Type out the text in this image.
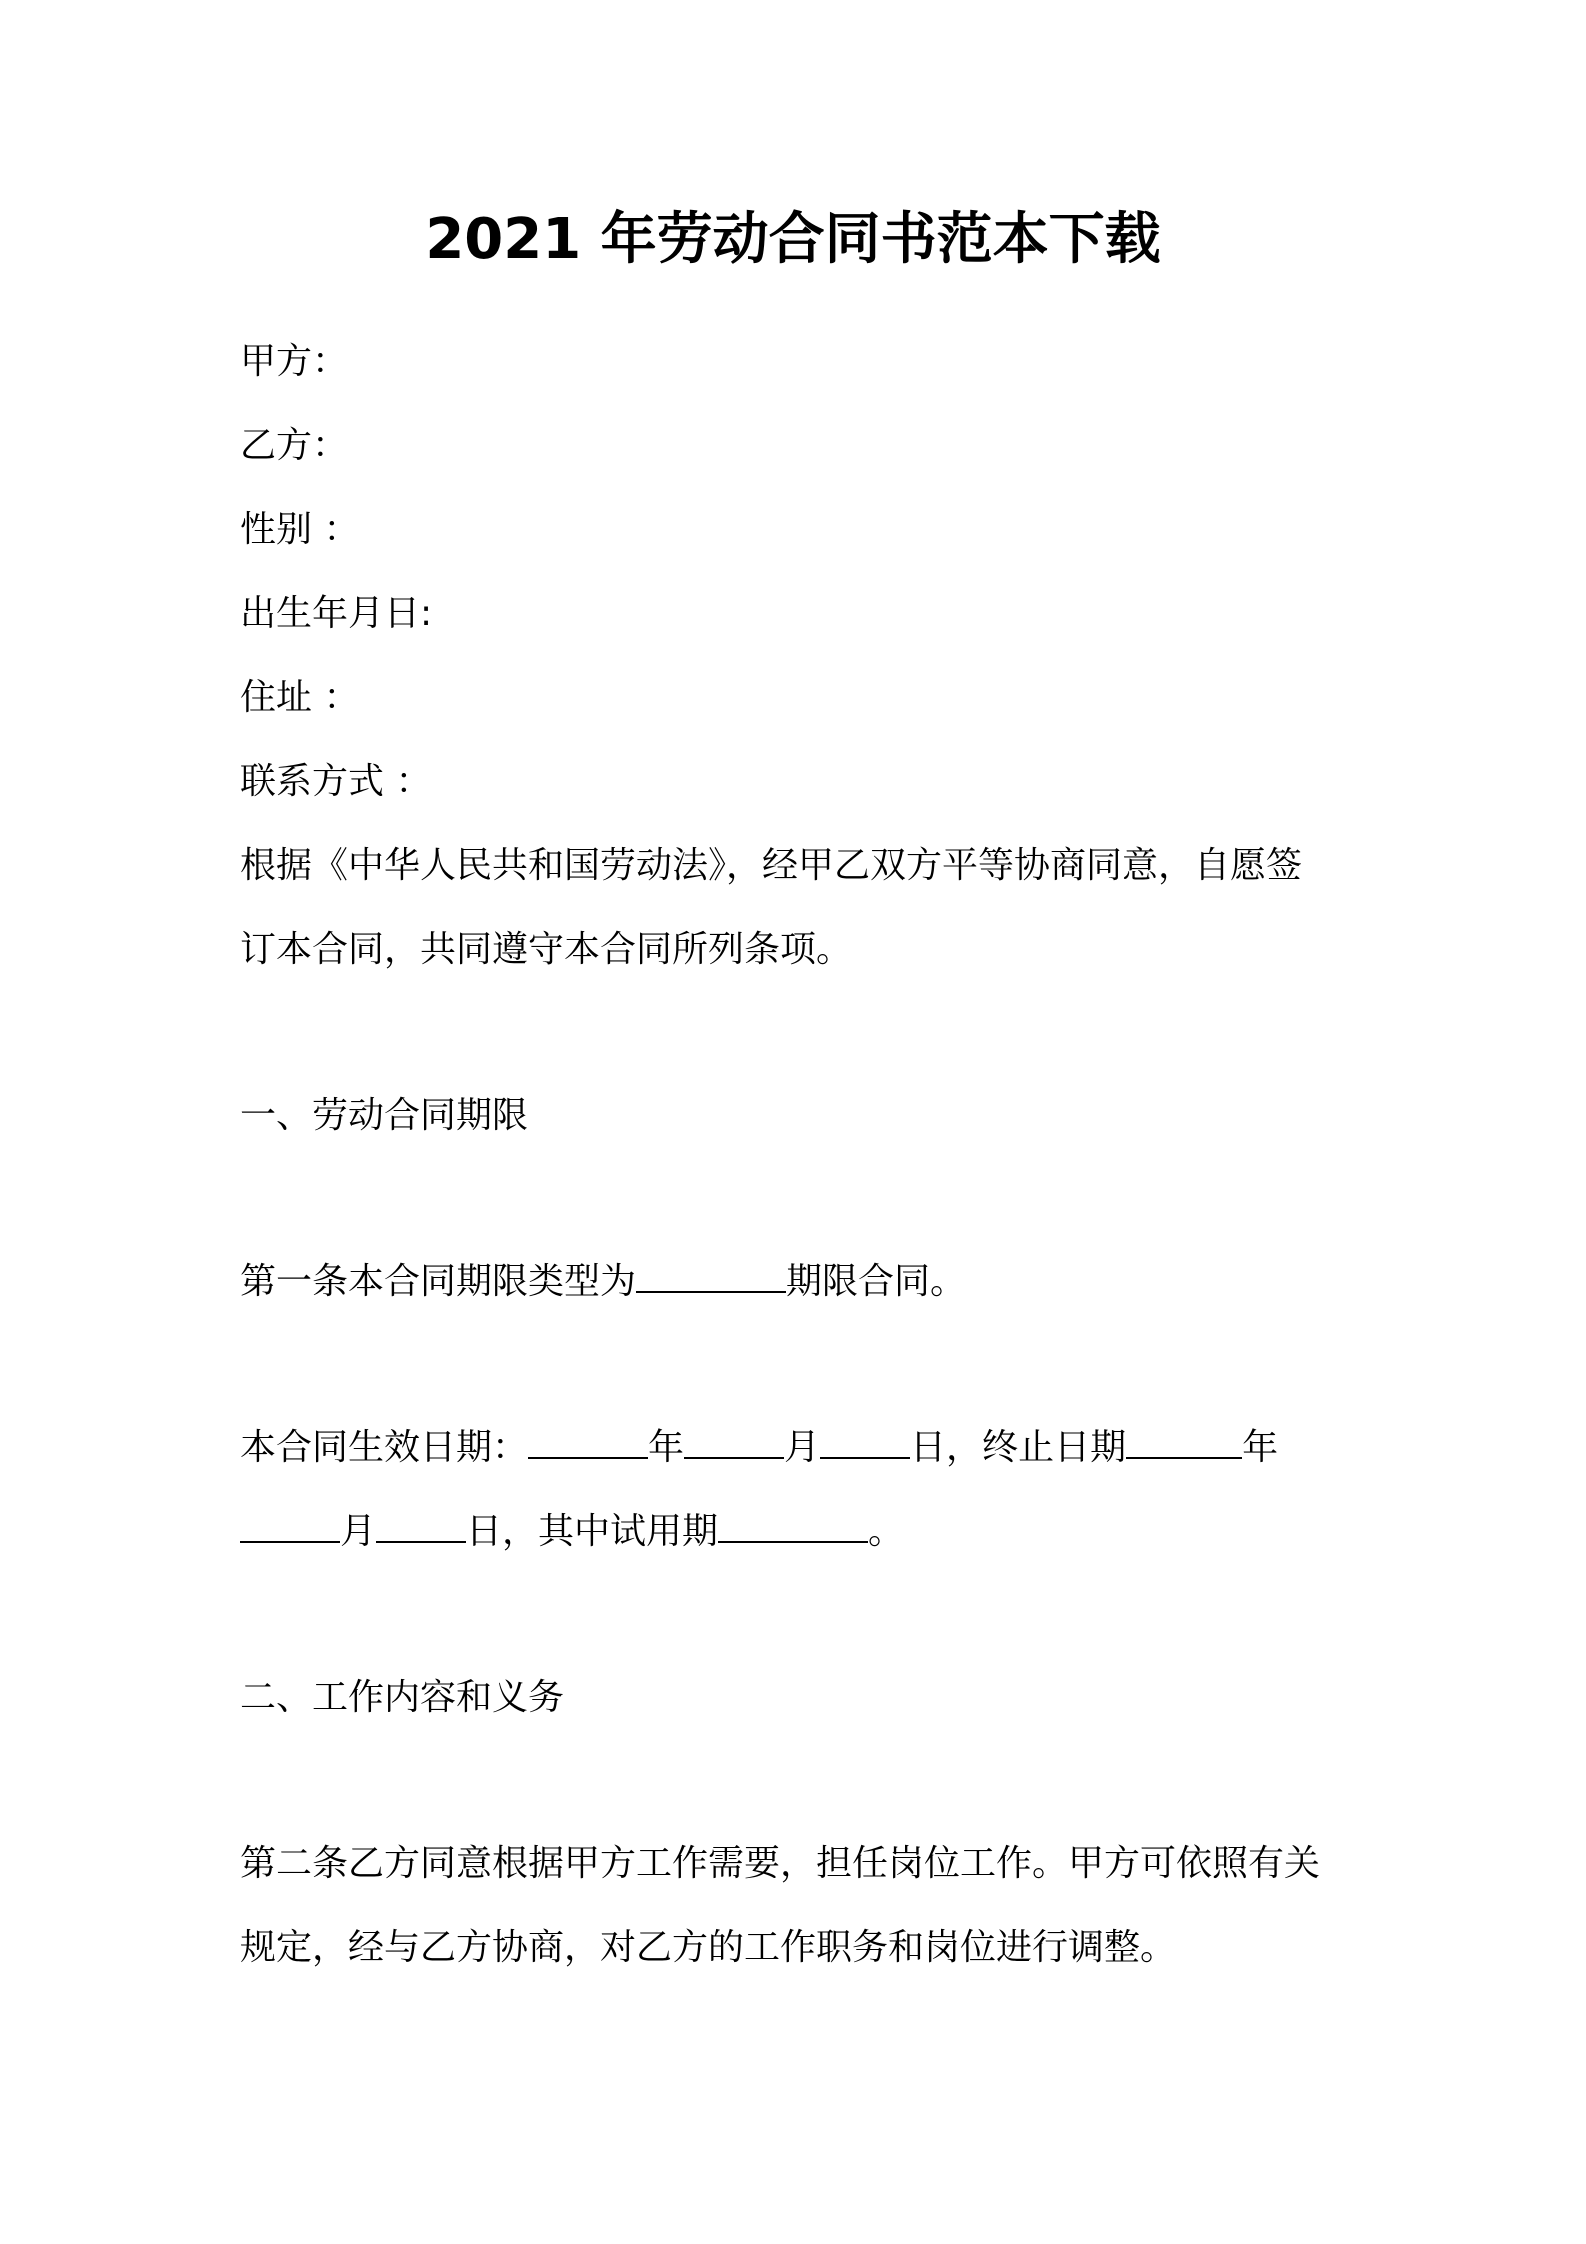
2021 年劳动合同书范本下载
甲方：
乙方：
性别 ：
出生年月日:
住址 ：
联系方式 ：
根据《中华人民共和国劳动法》，经甲乙双方平等协商同意，自愿签
订本合同，共同遵守本合同所列条项。
一、劳动合同期限
第一条本合同期限类型为	期限合同。
本合同生效日期：	年	月	日，终止日期	年
月	日，其中试用期	。
二、工作内容和义务
第二条乙方同意根据甲方工作需要，担任岗位工作。甲方可依照有关
规定，经与乙方协商，对乙方的工作职务和岗位进行调整。
